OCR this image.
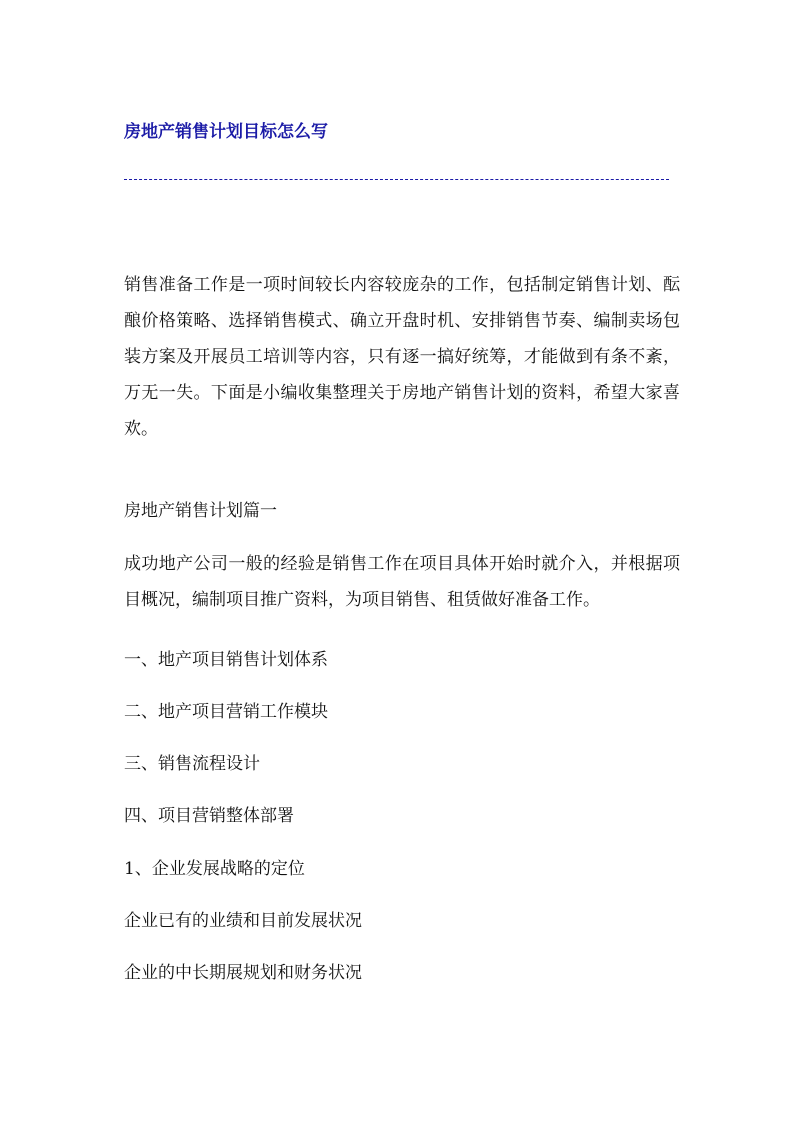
房地产销售计划目标怎么写

销售准备工作是一项时间较长内容较庞杂的工作，包括制定销售计划、酝酿价格策略、选择销售模式、确立开盘时机、安排销售节奏、编制卖场包装方案及开展员工培训等内容，只有逐一搞好统筹，才能做到有条不紊，万无一失。下面是小编收集整理关于房地产销售计划的资料，希望大家喜欢。

房地产销售计划篇一

成功地产公司一般的经验是销售工作在项目具体开始时就介入，并根据项目概况，编制项目推广资料，为项目销售、租赁做好准备工作。

一、地产项目销售计划体系

二、地产项目营销工作模块

三、销售流程设计

四、项目营销整体部署

1、企业发展战略的定位

企业已有的业绩和目前发展状况

企业的中长期展规划和财务状况
